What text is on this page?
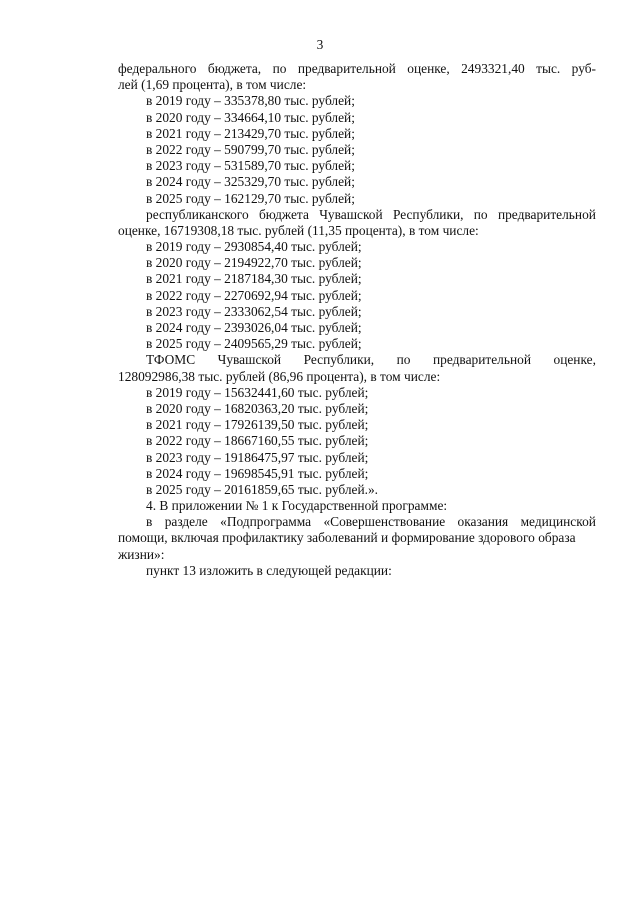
3
федерального бюджета, по предварительной оценке, 2493321,40 тыс. руб-
лей (1,69 процента), в том числе:
в 2019 году – 335378,80 тыс. рублей;
в 2020 году – 334664,10 тыс. рублей;
в 2021 году – 213429,70 тыс. рублей;
в 2022 году – 590799,70 тыс. рублей;
в 2023 году – 531589,70 тыс. рублей;
в 2024 году – 325329,70 тыс. рублей;
в 2025 году – 162129,70 тыс. рублей;
республиканского бюджета Чувашской Республики, по предварительной
оценке, 16719308,18 тыс. рублей (11,35 процента), в том числе:
в 2019 году – 2930854,40 тыс. рублей;
в 2020 году – 2194922,70 тыс. рублей;
в 2021 году – 2187184,30 тыс. рублей;
в 2022 году – 2270692,94 тыс. рублей;
в 2023 году – 2333062,54 тыс. рублей;
в 2024 году – 2393026,04 тыс. рублей;
в 2025 году – 2409565,29 тыс. рублей;
ТФОМС Чувашской Республики, по предварительной оценке,
128092986,38 тыс. рублей (86,96 процента), в том числе:
в 2019 году – 15632441,60 тыс. рублей;
в 2020 году – 16820363,20 тыс. рублей;
в 2021 году – 17926139,50 тыс. рублей;
в 2022 году – 18667160,55 тыс. рублей;
в 2023 году – 19186475,97 тыс. рублей;
в 2024 году – 19698545,91 тыс. рублей;
в 2025 году – 20161859,65 тыс. рублей.».
4. В приложении № 1 к Государственной программе:
в разделе «Подпрограмма «Совершенствование оказания медицинской
помощи, включая профилактику заболеваний и формирование здорового образа
жизни»:
пункт 13 изложить в следующей редакции:
